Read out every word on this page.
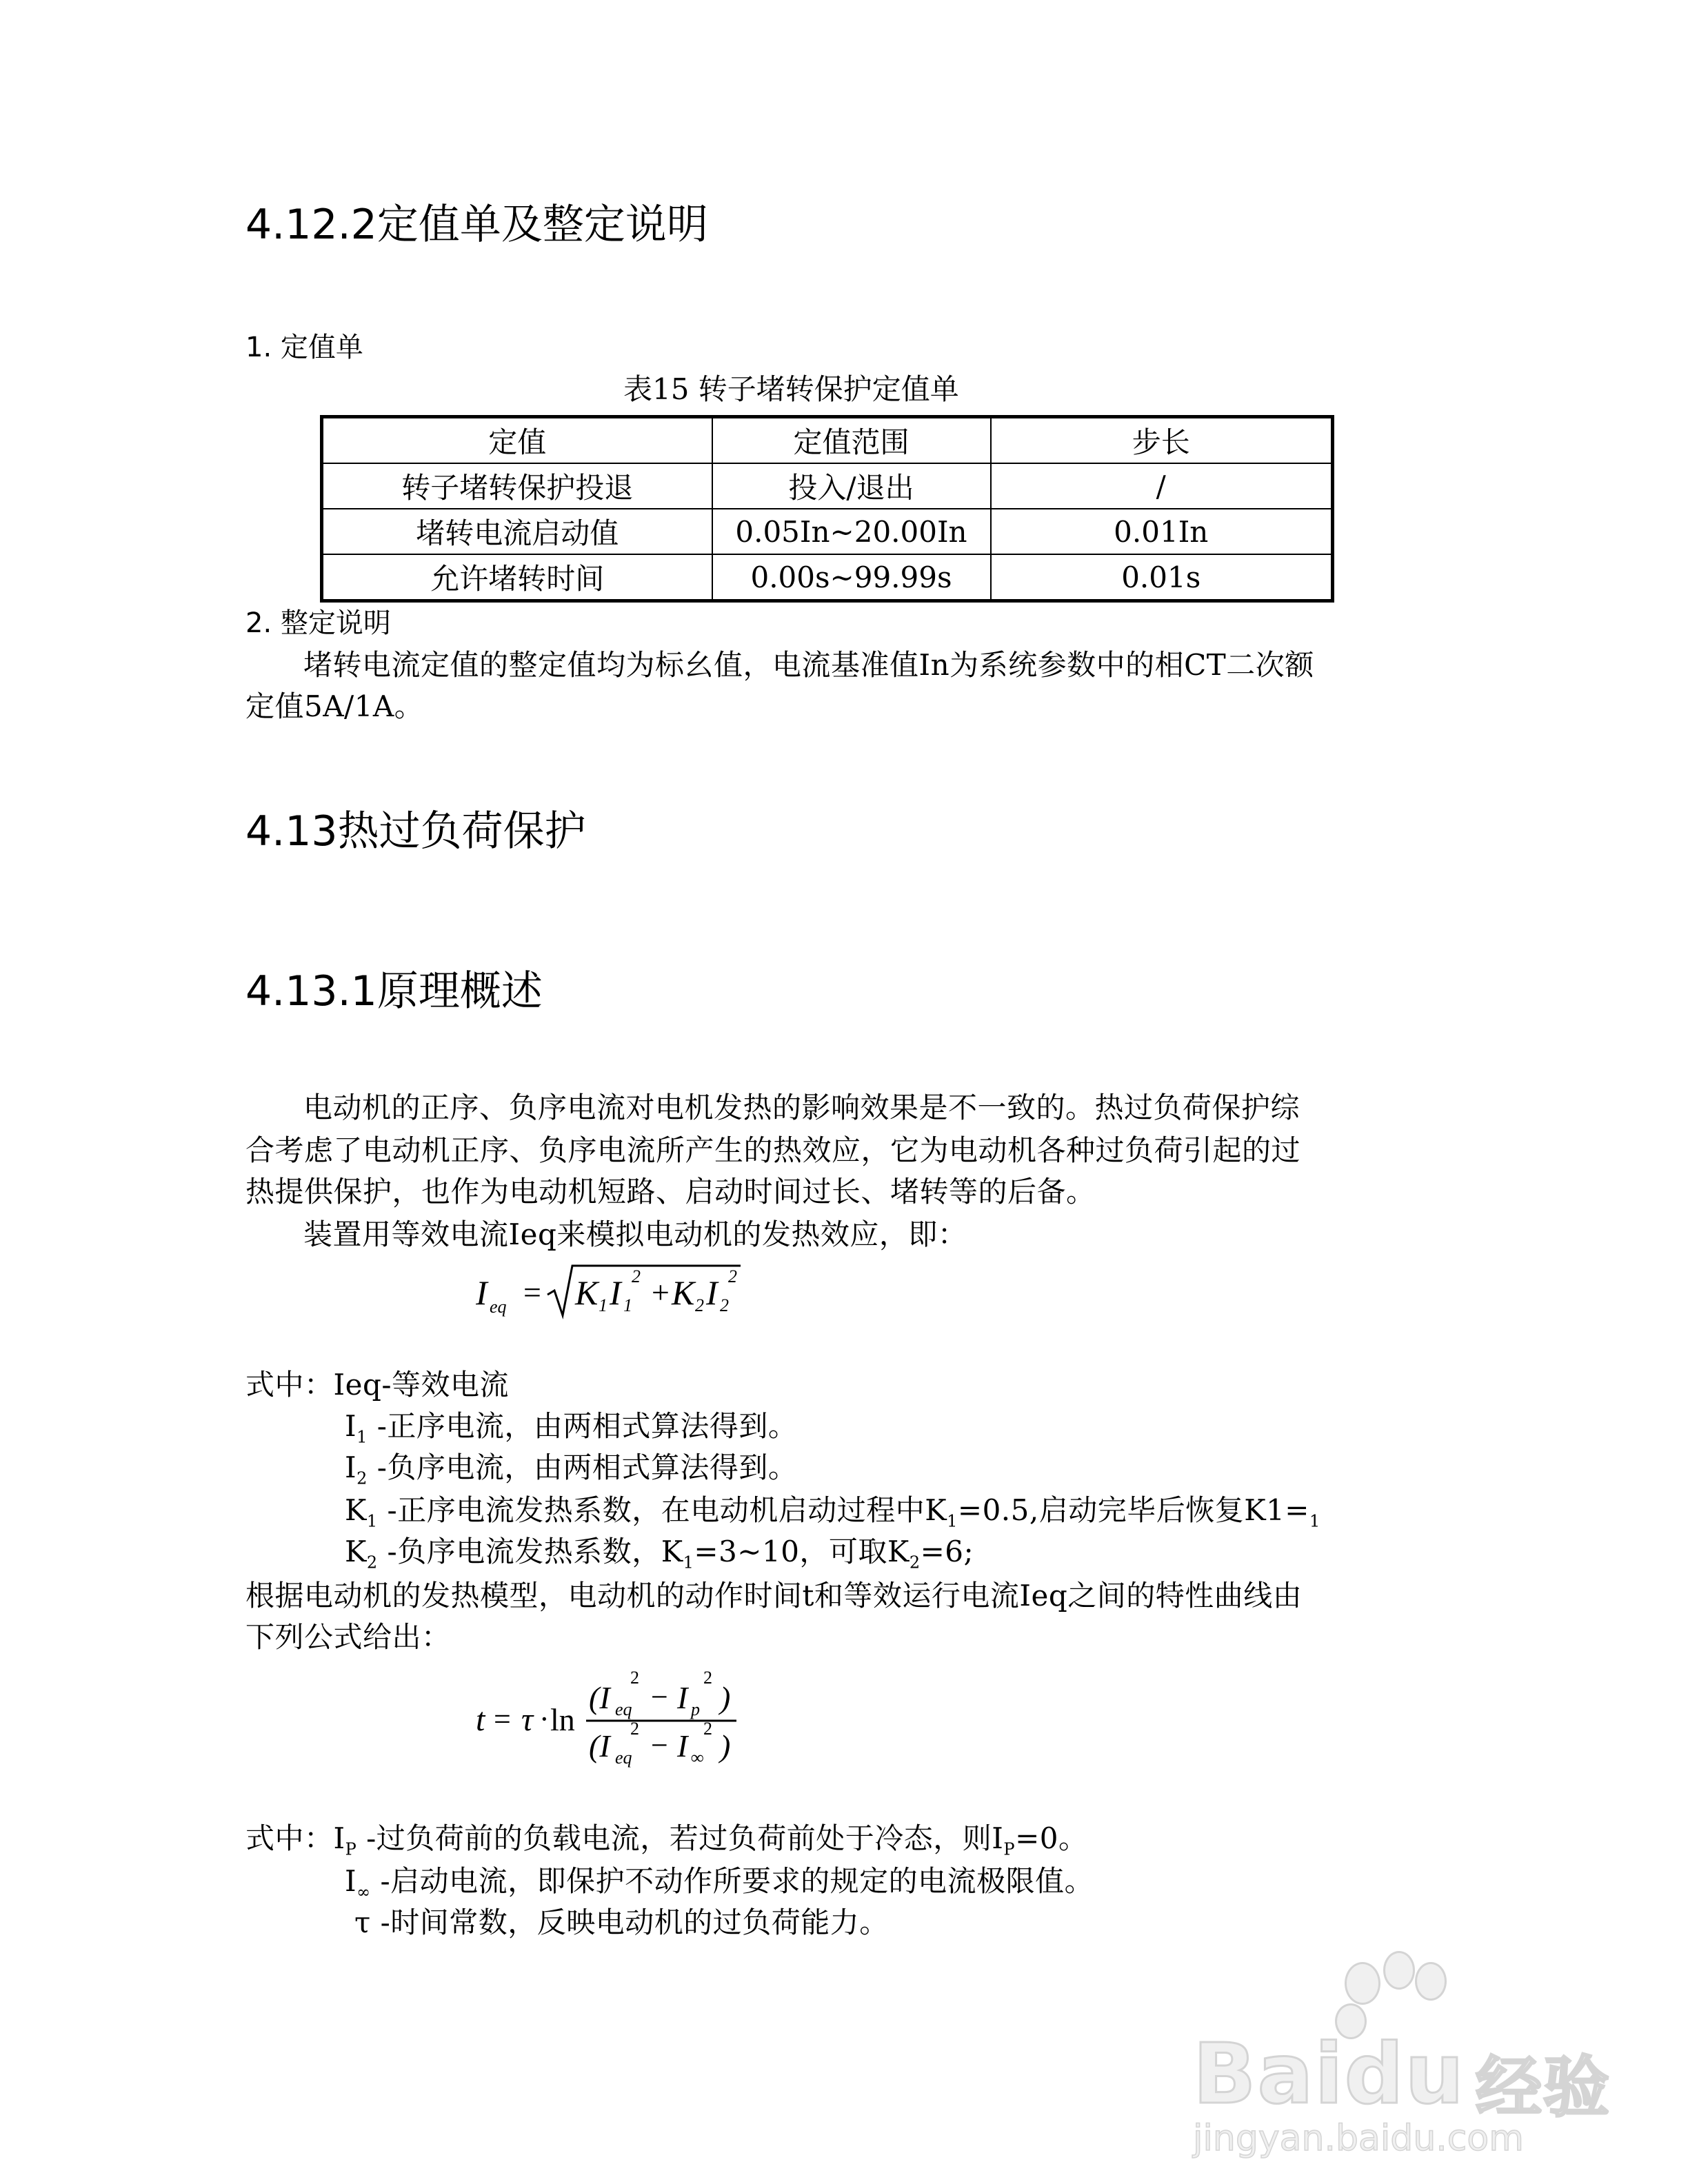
4.12.2定值单及整定说明
1. 定值单
表15 转子堵转保护定值单
定值	定值范围	步长
转子堵转保护投退	投入/退出	/
堵转电流启动值	0.05In~20.00In	0.01In
允许堵转时间	0.00s~99.99s	0.01s
2. 整定说明
堵转电流定值的整定值均为标幺值，电流基准值In为系统参数中的相CT二次额
定值5A/1A。
4.13热过负荷保护
4.13.1原理概述
电动机的正序、负序电流对电机发热的影响效果是不一致的。热过负荷保护综
合考虑了电动机正序、负序电流所产生的热效应，它为电动机各种过负荷引起的过
热提供保护，也作为电动机短路、启动时间过长、堵转等的后备。
装置用等效电流Ieq来模拟电动机的发热效应，即：
I eq = K 1 I 1
2 + K 2 I 2
2
式中：Ieq-等效电流
$I_1$ -正序电流，由两相式算法得到。
$I_2$ -负序电流，由两相式算法得到。
$K_1$ -正序电流发热系数，在电动机启动过程中$K_1=0.5$,启动完毕后恢复$K1=_1$
$K_2$ -负序电流发热系数，$K_1=3\sim 10$，可取$K_2=6$;
根据电动机的发热模型，电动机的动作时间t和等效运行电流Ieq之间的特性曲线由
下列公式给出：
t = τ · ln
(I eq
2
− I p
2
)
(I eq
2 − I ∞
2 )
式中：$I_P$ -过负荷前的负载电流，若过负荷前处于冷态，则$I_P=0$。
$I_\infty$ -启动电流，即保护不动作所要求的规定的电流极限值。
τ -时间常数，反映电动机的过负荷能力。
Baidu 经验
jingyan.baidu.com
